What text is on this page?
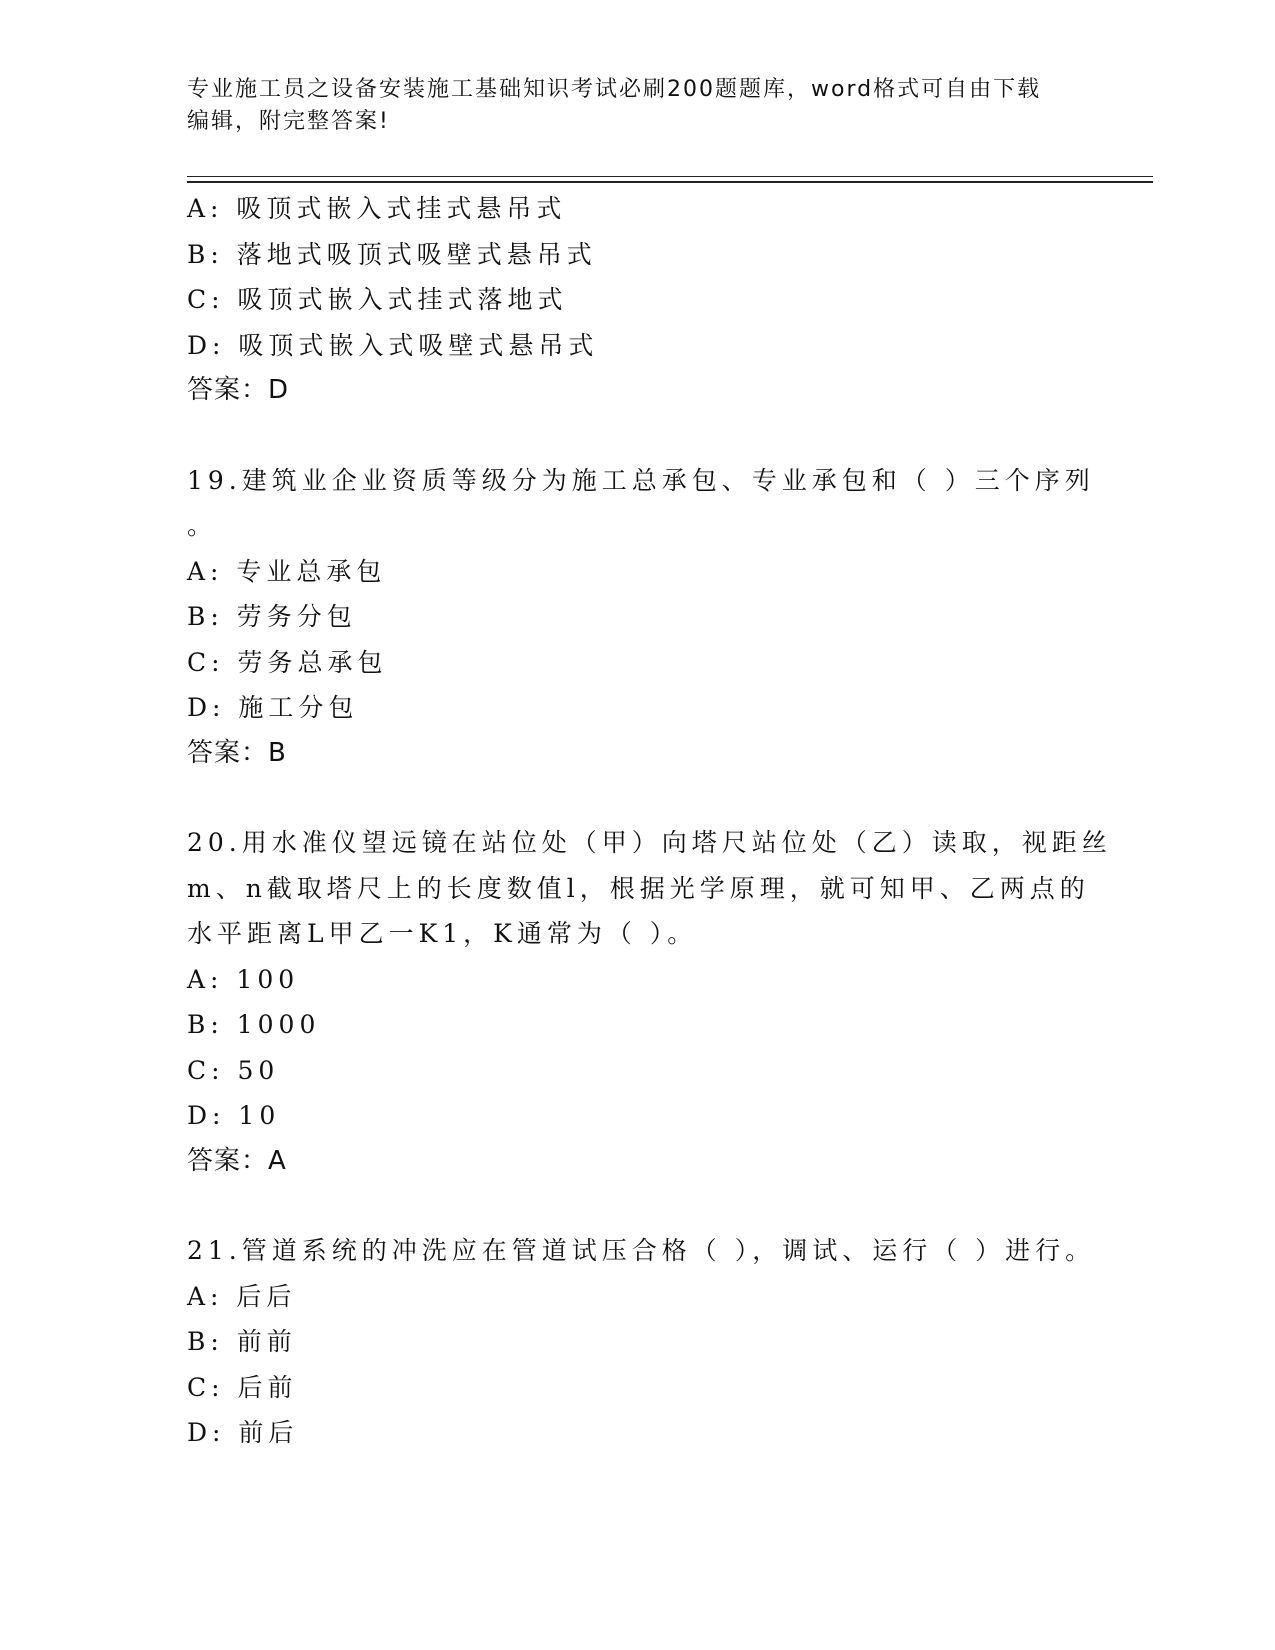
专业施工员之设备安装施工基础知识考试必刷200题题库，word格式可自由下载
编辑，附完整答案!
A: 吸顶式嵌入式挂式悬吊式
B: 落地式吸顶式吸壁式悬吊式
C: 吸顶式嵌入式挂式落地式
D: 吸顶式嵌入式吸壁式悬吊式
答案：D
19.建筑业企业资质等级分为施工总承包、专业承包和（ ）三个序列
。
A: 专业总承包
B: 劳务分包
C: 劳务总承包
D: 施工分包
答案：B
20.用水准仪望远镜在站位处（甲）向塔尺站位处（乙）读取，视距丝
m、n截取塔尺上的长度数值l，根据光学原理，就可知甲、乙两点的
水平距离L甲乙一K1，K通常为（ ）。
A: 100
B: 1000
C: 50
D: 10
答案：A
21.管道系统的冲洗应在管道试压合格（ ），调试、运行（ ）进行。
A: 后后
B: 前前
C: 后前
D: 前后
